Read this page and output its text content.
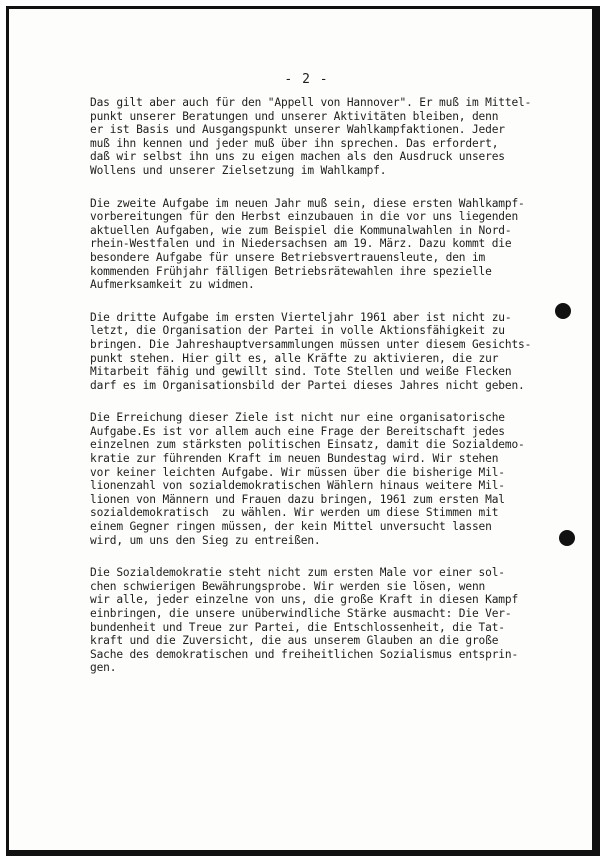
- 2 -

Das gilt aber auch für den "Appell von Hannover". Er muß im Mittel-
punkt unserer Beratungen und unserer Aktivitäten bleiben, denn
er ist Basis und Ausgangspunkt unserer Wahlkampfaktionen. Jeder
muß ihn kennen und jeder muß über ihn sprechen. Das erfordert,
daß wir selbst ihn uns zu eigen machen als den Ausdruck unseres
Wollens und unserer Zielsetzung im Wahlkampf.

Die zweite Aufgabe im neuen Jahr muß sein, diese ersten Wahlkampf-
vorbereitungen für den Herbst einzubauen in die vor uns liegenden
aktuellen Aufgaben, wie zum Beispiel die Kommunalwahlen in Nord-
rhein-Westfalen und in Niedersachsen am 19. März. Dazu kommt die
besondere Aufgabe für unsere Betriebsvertrauensleute, den im
kommenden Frühjahr fälligen Betriebsrätewahlen ihre spezielle
Aufmerksamkeit zu widmen.

Die dritte Aufgabe im ersten Vierteljahr 1961 aber ist nicht zu-
letzt, die Organisation der Partei in volle Aktionsfähigkeit zu
bringen. Die Jahreshauptversammlungen müssen unter diesem Gesichts-
punkt stehen. Hier gilt es, alle Kräfte zu aktivieren, die zur
Mitarbeit fähig und gewillt sind. Tote Stellen und weiße Flecken
darf es im Organisationsbild der Partei dieses Jahres nicht geben.

Die Erreichung dieser Ziele ist nicht nur eine organisatorische
Aufgabe.Es ist vor allem auch eine Frage der Bereitschaft jedes
einzelnen zum stärksten politischen Einsatz, damit die Sozialdemo-
kratie zur führenden Kraft im neuen Bundestag wird. Wir stehen
vor keiner leichten Aufgabe. Wir müssen über die bisherige Mil-
lionenzahl von sozialdemokratischen Wählern hinaus weitere Mil-
lionen von Männern und Frauen dazu bringen, 1961 zum ersten Mal
sozialdemokratisch  zu wählen. Wir werden um diese Stimmen mit
einem Gegner ringen müssen, der kein Mittel unversucht lassen
wird, um uns den Sieg zu entreißen.

Die Sozialdemokratie steht nicht zum ersten Male vor einer sol-
chen schwierigen Bewährungsprobe. Wir werden sie lösen, wenn
wir alle, jeder einzelne von uns, die große Kraft in diesen Kampf
einbringen, die unsere unüberwindliche Stärke ausmacht: Die Ver-
bundenheit und Treue zur Partei, die Entschlossenheit, die Tat-
kraft und die Zuversicht, die aus unserem Glauben an die große
Sache des demokratischen und freiheitlichen Sozialismus entsprin-
gen.
